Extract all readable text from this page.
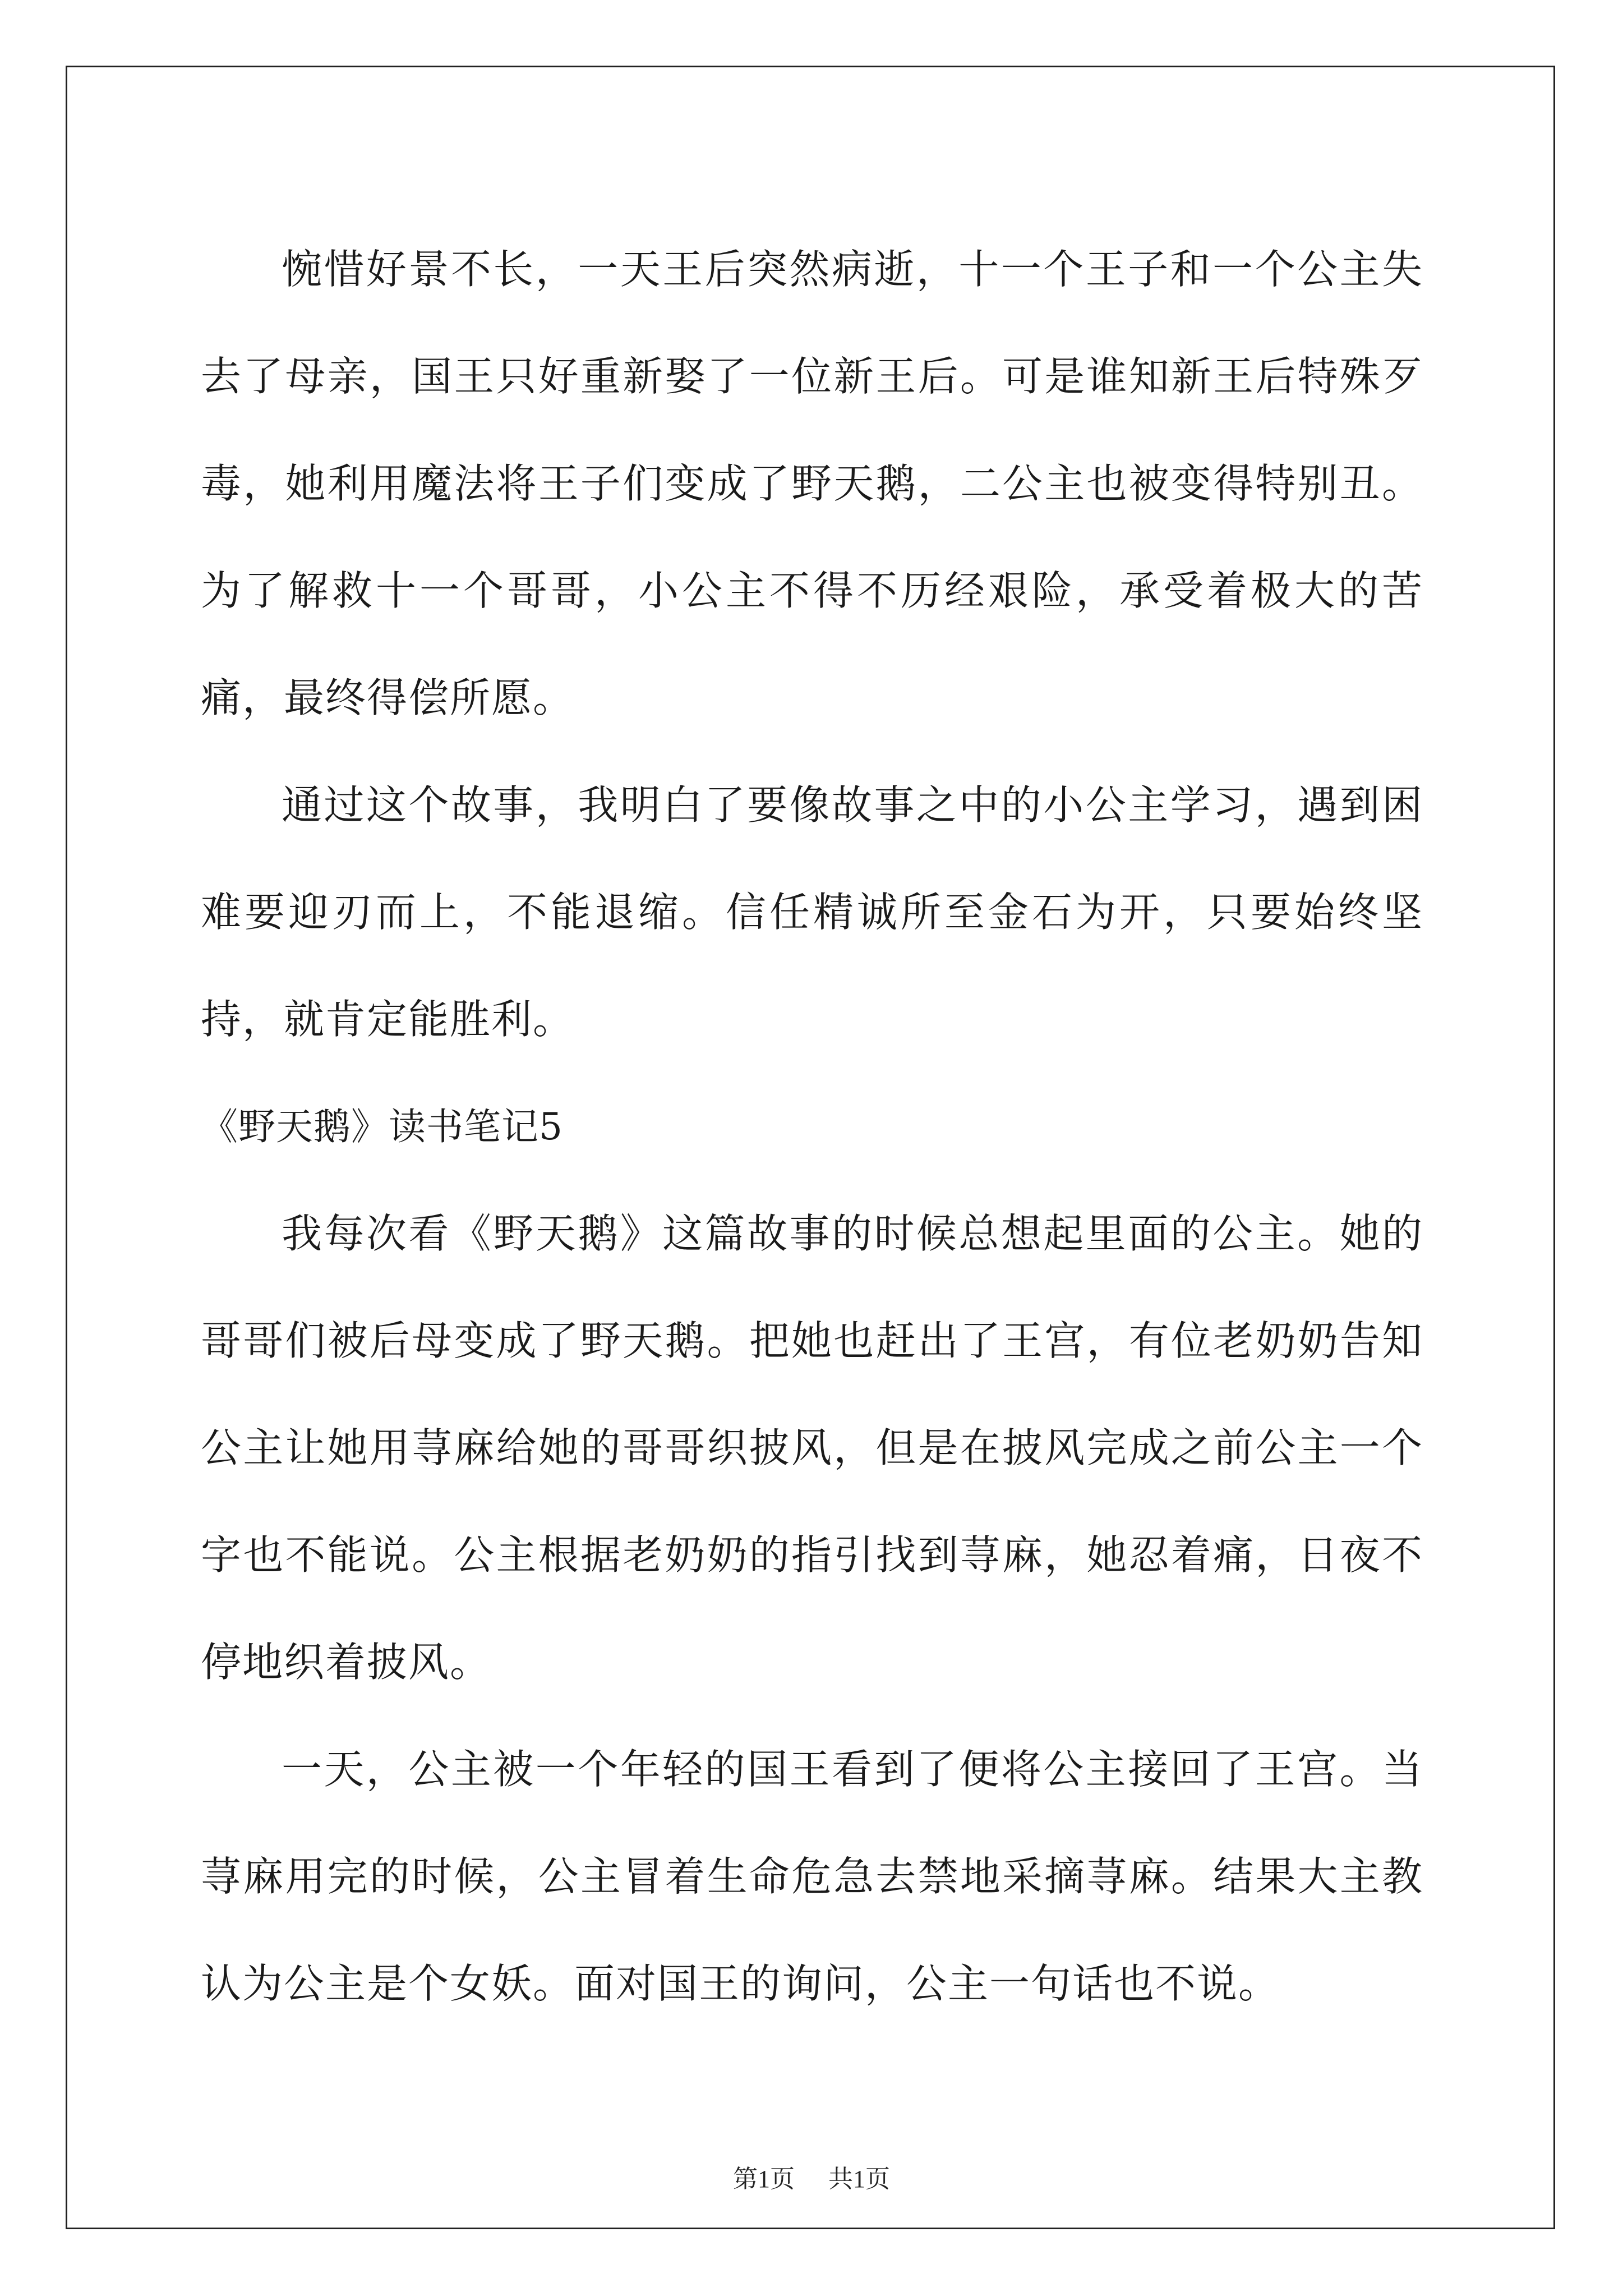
惋惜好景不长，一天王后突然病逝，十一个王子和一个公主失去了母亲，国王只好重新娶了一位新王后。可是谁知新王后特殊歹毒，她利用魔法将王子们变成了野天鹅，二公主也被变得特别丑。为了解救十一个哥哥，小公主不得不历经艰险，承受着极大的苦痛，最终得偿所愿。

通过这个故事，我明白了要像故事之中的小公主学习，遇到困难要迎刃而上，不能退缩。信任精诚所至金石为开，只要始终坚持，就肯定能胜利。

《野天鹅》读书笔记5

我每次看《野天鹅》这篇故事的时候总想起里面的公主。她的哥哥们被后母变成了野天鹅。把她也赶出了王宫，有位老奶奶告知公主让她用荨麻给她的哥哥织披风，但是在披风完成之前公主一个字也不能说。公主根据老奶奶的指引找到荨麻，她忍着痛，日夜不停地织着披风。

一天，公主被一个年轻的国王看到了便将公主接回了王宫。当荨麻用完的时候，公主冒着生命危急去禁地采摘荨麻。结果大主教认为公主是个女妖。面对国王的询问，公主一句话也不说。

第1页 共1页
